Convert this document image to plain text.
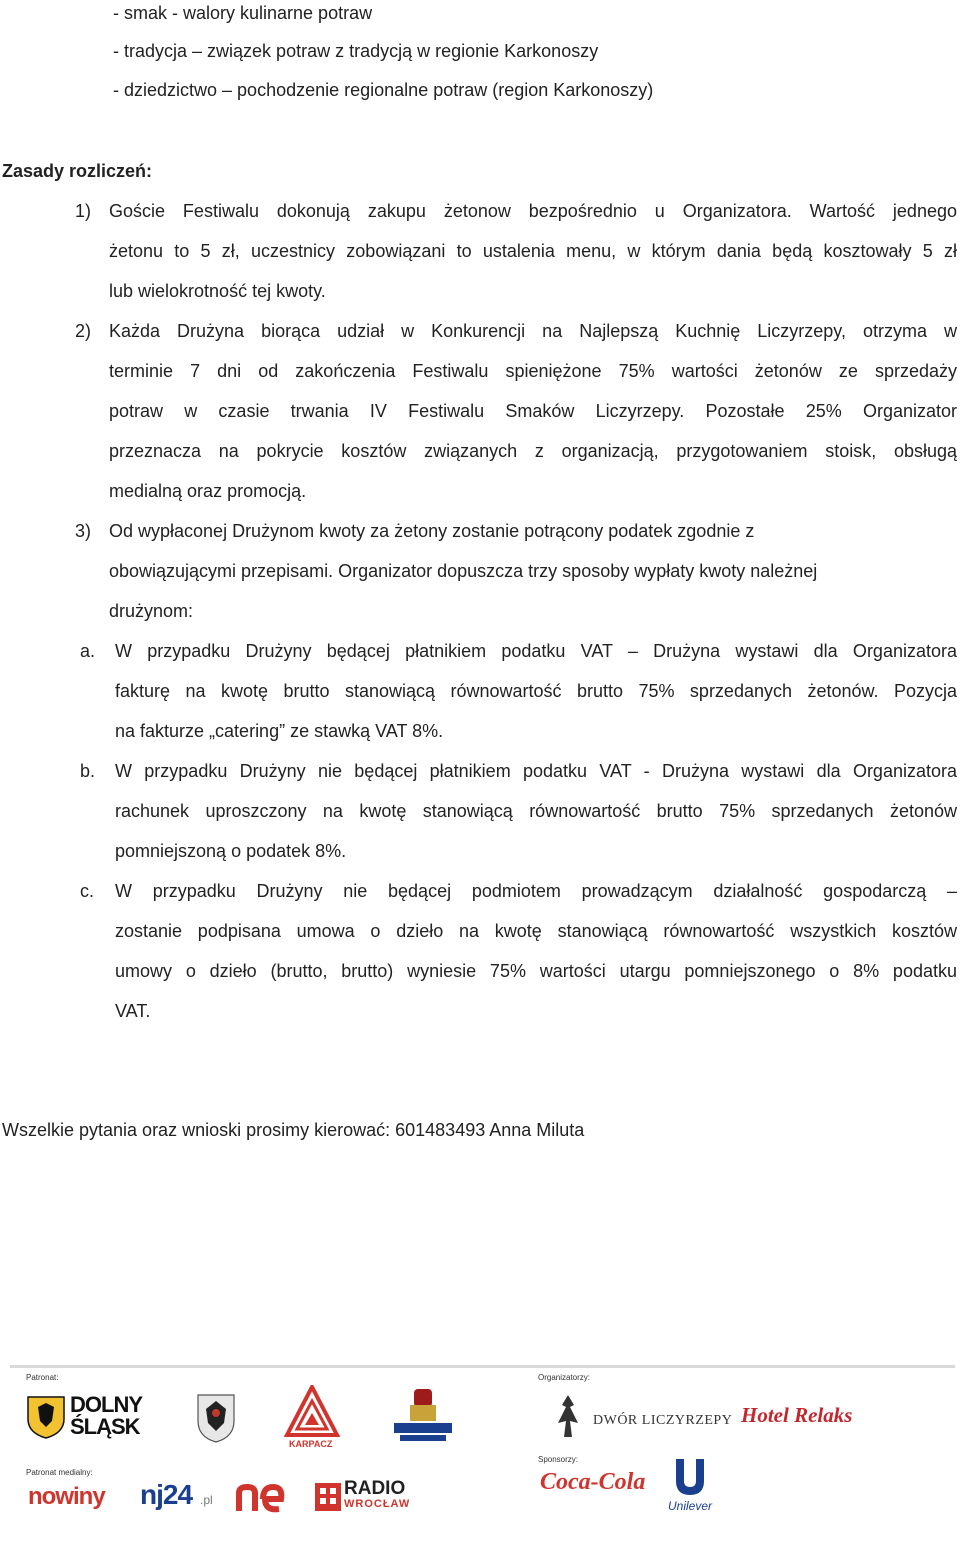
- smak - walory kulinarne potraw
- tradycja – związek potraw z tradycją w regionie Karkonoszy
- dziedzictwo – pochodzenie regionalne potraw (region Karkonoszy)
Zasady rozliczeń:
1) Goście Festiwalu dokonują zakupu żetonow bezpośrednio u Organizatora. Wartość jednego
żetonu to 5 zł, uczestnicy zobowiązani to ustalenia menu, w którym dania będą kosztowały 5 zł
lub wielokrotność tej kwoty.
2) Każda Drużyna biorąca udział w Konkurencji na Najlepszą Kuchnię Liczyrzepy, otrzyma w
terminie 7 dni od zakończenia Festiwalu spieniężone 75% wartości żetonów ze sprzedaży
potraw w czasie trwania IV Festiwalu Smaków Liczyrzepy. Pozostałe 25% Organizator
przeznacza na pokrycie kosztów związanych z organizacją, przygotowaniem stoisk, obsługą
medialną oraz promocją.
3) Od wypłaconej Drużynom kwoty za żetony zostanie potrącony podatek zgodnie z
obowiązującymi przepisami. Organizator dopuszcza trzy sposoby wypłaty kwoty należnej
drużynom:
a. W przypadku Drużyny będącej płatnikiem podatku VAT – Drużyna wystawi dla Organizatora
fakturę na kwotę brutto stanowiącą równowartość brutto 75% sprzedanych żetonów. Pozycja
na fakturze „catering” ze stawką VAT 8%.
b. W przypadku Drużyny nie będącej płatnikiem podatku VAT - Drużyna wystawi dla Organizatora
rachunek uproszczony na kwotę stanowiącą równowartość brutto 75% sprzedanych żetonów
pomniejszoną o podatek 8%.
c. W przypadku Drużyny nie będącej podmiotem prowadzącym działalność gospodarczą –
zostanie podpisana umowa o dzieło na kwotę stanowiącą równowartość wszystkich kosztów
umowy o dzieło (brutto, brutto) wyniesie 75% wartości utargu pomniejszonego o 8% podatku
VAT.
Wszelkie pytania oraz wnioski prosimy kierować: 601483493 Anna Miluta
Patronat:	Organizatorzy:
Patronat medialny:
Sponsorzy:
DOLNY
ŚLĄSK
KARPACZ
DWÓR LICZYRZEPY Hotel Relaks
nowiny nj24 .pl
RADIO
WROCŁAW
Coca-Cola
Unilever
